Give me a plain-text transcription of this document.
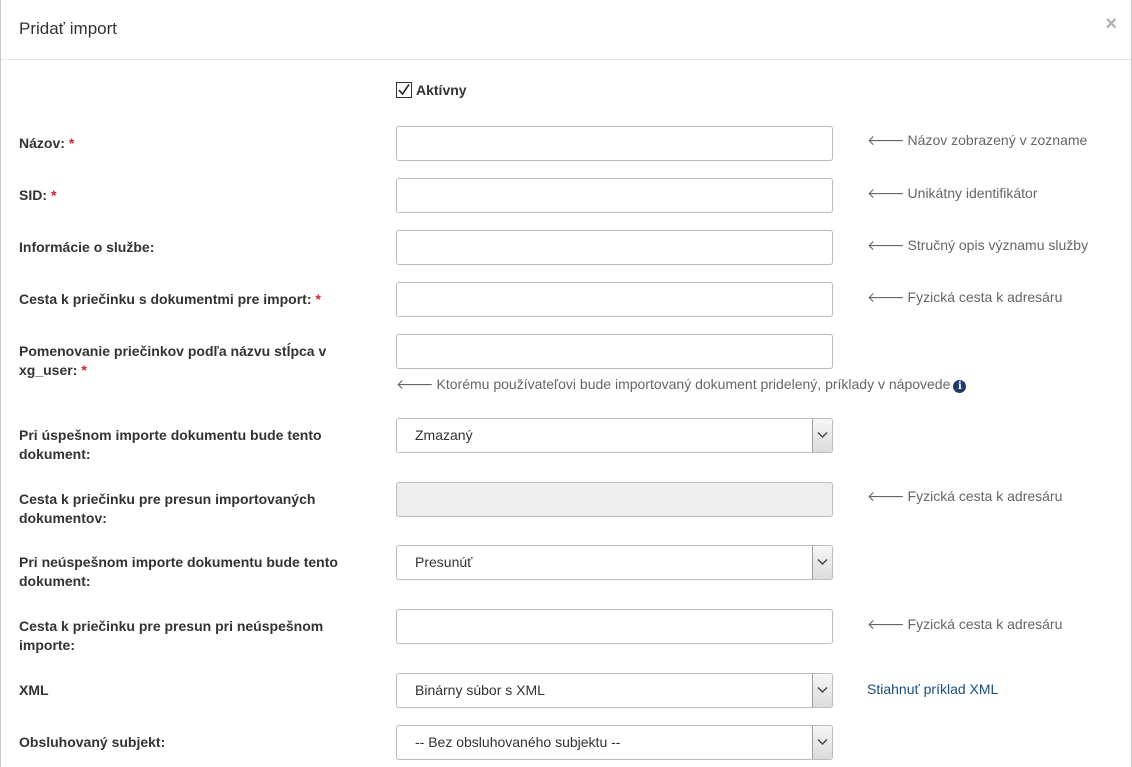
Pridať import	×
Aktívny
Názov: *	🡐 Názov zobrazený v zozname
SID: *	🡐 Unikátny identifikátor
Informácie o službe:	🡐 Stručný opis významu služby
Cesta k priečinku s dokumentmi pre import: *	🡐 Fyzická cesta k adresáru
Pomenovanie priečinkov podľa názvu stĺpca v xg_user: *
🡐 Ktorému používateľovi bude importovaný dokument pridelený, príklady v nápovede i
Pri úspešnom importe dokumentu bude tento dokument:
Zmazaný
Cesta k priečinku pre presun importovaných dokumentov:
🡐 Fyzická cesta k adresáru
Pri neúspešnom importe dokumentu bude tento dokument:
Presunúť
Cesta k priečinku pre presun pri neúspešnom importe:
🡐 Fyzická cesta k adresáru
XML	Binárny súbor s XML	Stiahnuť príklad XML
Obsluhovaný subjekt:	-- Bez obsluhovaného subjektu --
